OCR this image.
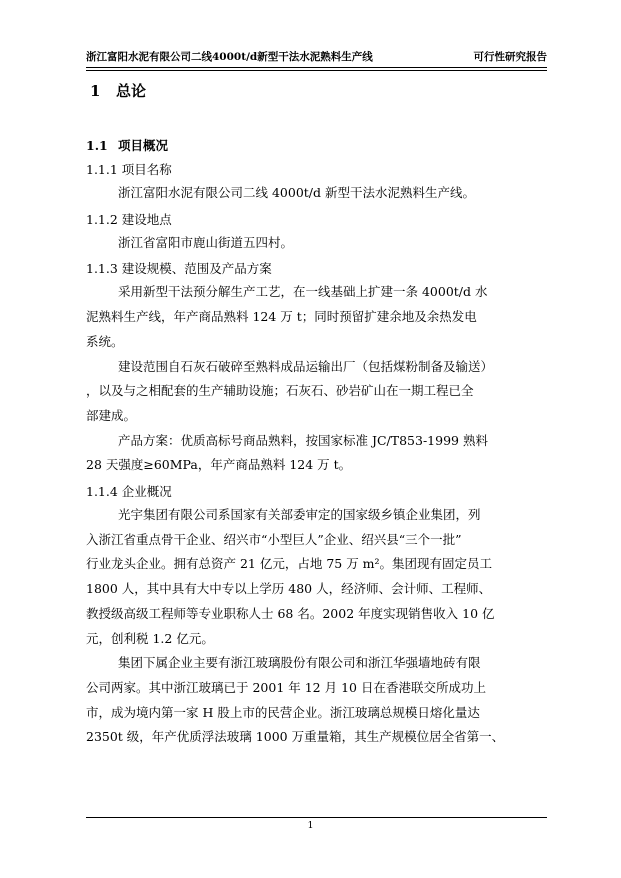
浙江富阳水泥有限公司二线4000t/d新型干法水泥熟料生产线	可行性研究报告
1 总论
1.1 项目概况
1.1.1 项目名称

浙江富阳水泥有限公司二线 4000t/d 新型干法水泥熟料生产线。

1.1.2 建设地点

浙江省富阳市鹿山街道五四村。

1.1.3 建设规模、范围及产品方案

采用新型干法预分解生产工艺，在一线基础上扩建一条 4000t/d 水
泥熟料生产线，年产商品熟料 124 万 t；同时预留扩建余地及余热发电
系统。

建设范围自石灰石破碎至熟料成品运输出厂（包括煤粉制备及输送）
，以及与之相配套的生产辅助设施；石灰石、砂岩矿山在一期工程已全
部建成。

产品方案：优质高标号商品熟料，按国家标准 JC/T853-1999 熟料
28 天强度≥60MPa，年产商品熟料 124 万 t。

1.1.4 企业概况

光宇集团有限公司系国家有关部委审定的国家级乡镇企业集团，列
入浙江省重点骨干企业、绍兴市“小型巨人”企业、绍兴县“三个一批”
行业龙头企业。拥有总资产 21 亿元，占地 75 万 m²。集团现有固定员工
1800 人，其中具有大中专以上学历 480 人，经济师、会计师、工程师、
教授级高级工程师等专业职称人士 68 名。2002 年度实现销售收入 10 亿
元，创利税 1.2 亿元。

集团下属企业主要有浙江玻璃股份有限公司和浙江华强墙地砖有限
公司两家。其中浙江玻璃已于 2001 年 12 月 10 日在香港联交所成功上
市，成为境内第一家 H 股上市的民营企业。浙江玻璃总规模日熔化量达
2350t 级，年产优质浮法玻璃 1000 万重量箱，其生产规模位居全省第一、

1
